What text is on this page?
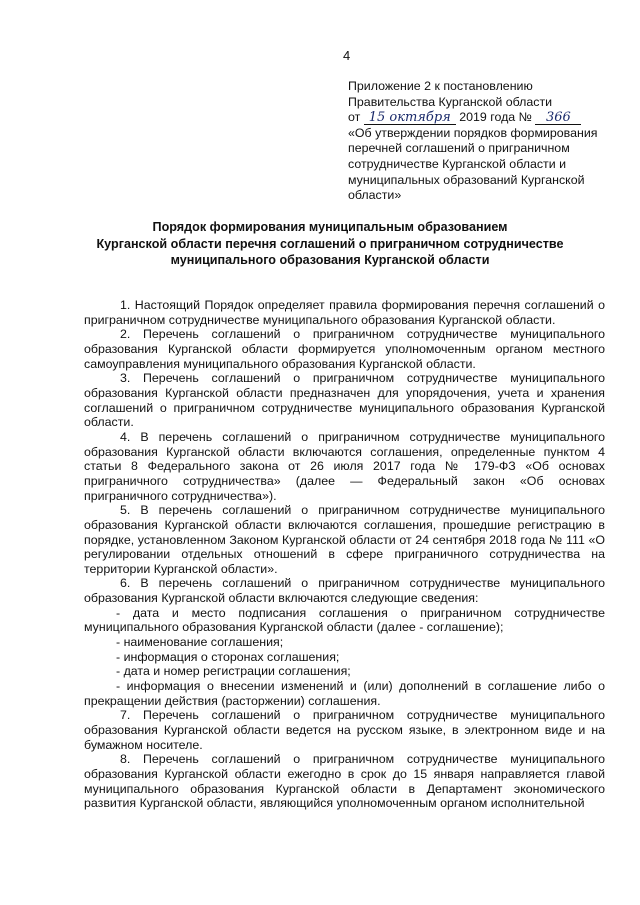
4
Приложение 2 к постановлению
Правительства Курганской области
от 15 октября 2019 года № 366
«Об утверждении порядков формирования
перечней соглашений о приграничном
сотрудничестве Курганской области и
муниципальных образований Курганской
области»
Порядок формирования муниципальным образованием
Курганской области перечня соглашений о приграничном сотрудничестве
муниципального образования Курганской области

1. Настоящий Порядок определяет правила формирования перечня соглашений о приграничном сотрудничестве муниципального образования Курганской области.

2. Перечень соглашений о приграничном сотрудничестве муниципального образования Курганской области формируется уполномоченным органом местного самоуправления муниципального образования Курганской области.

3. Перечень соглашений о приграничном сотрудничестве муниципального образования Курганской области предназначен для упорядочения, учета и хранения соглашений о приграничном сотрудничестве муниципального образования Курганской области.

4. В перечень соглашений о приграничном сотрудничестве муниципального образования Курганской области включаются соглашения, определенные пунктом 4 статьи 8 Федерального закона от 26 июля 2017 года № 179-ФЗ «Об основах приграничного сотрудничества» (далее — Федеральный закон «Об основах приграничного сотрудничества»).

5. В перечень соглашений о приграничном сотрудничестве муниципального образования Курганской области включаются соглашения, прошедшие регистрацию в порядке, установленном Законом Курганской области от 24 сентября 2018 года № 111 «О регулировании отдельных отношений в сфере приграничного сотрудничества на территории Курганской области».

6. В перечень соглашений о приграничном сотрудничестве муниципального образования Курганской области включаются следующие сведения:

- дата и место подписания соглашения о приграничном сотрудничестве муниципального образования Курганской области (далее - соглашение);

- наименование соглашения;

- информация о сторонах соглашения;

- дата и номер регистрации соглашения;

- информация о внесении изменений и (или) дополнений в соглашение либо о прекращении действия (расторжении) соглашения.

7. Перечень соглашений о приграничном сотрудничестве муниципального образования Курганской области ведется на русском языке, в электронном виде и на бумажном носителе.

8. Перечень соглашений о приграничном сотрудничестве муниципального образования Курганской области ежегодно в срок до 15 января направляется главой муниципального образования Курганской области в Департамент экономического развития Курганской области, являющийся уполномоченным органом исполнительной
